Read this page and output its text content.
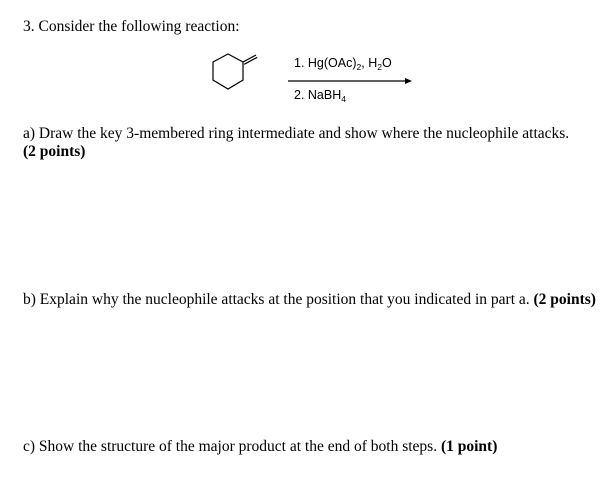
3. Consider the following reaction:
1. $Hg(OAc)_2$, $H_2O$
2. NaBH$_4$
a) Draw the key 3-membered ring intermediate and show where the nucleophile attacks.
(2 points)
b) Explain why the nucleophile attacks at the position that you indicated in part a. (2 points)
c) Show the structure of the major product at the end of both steps. (1 point)
